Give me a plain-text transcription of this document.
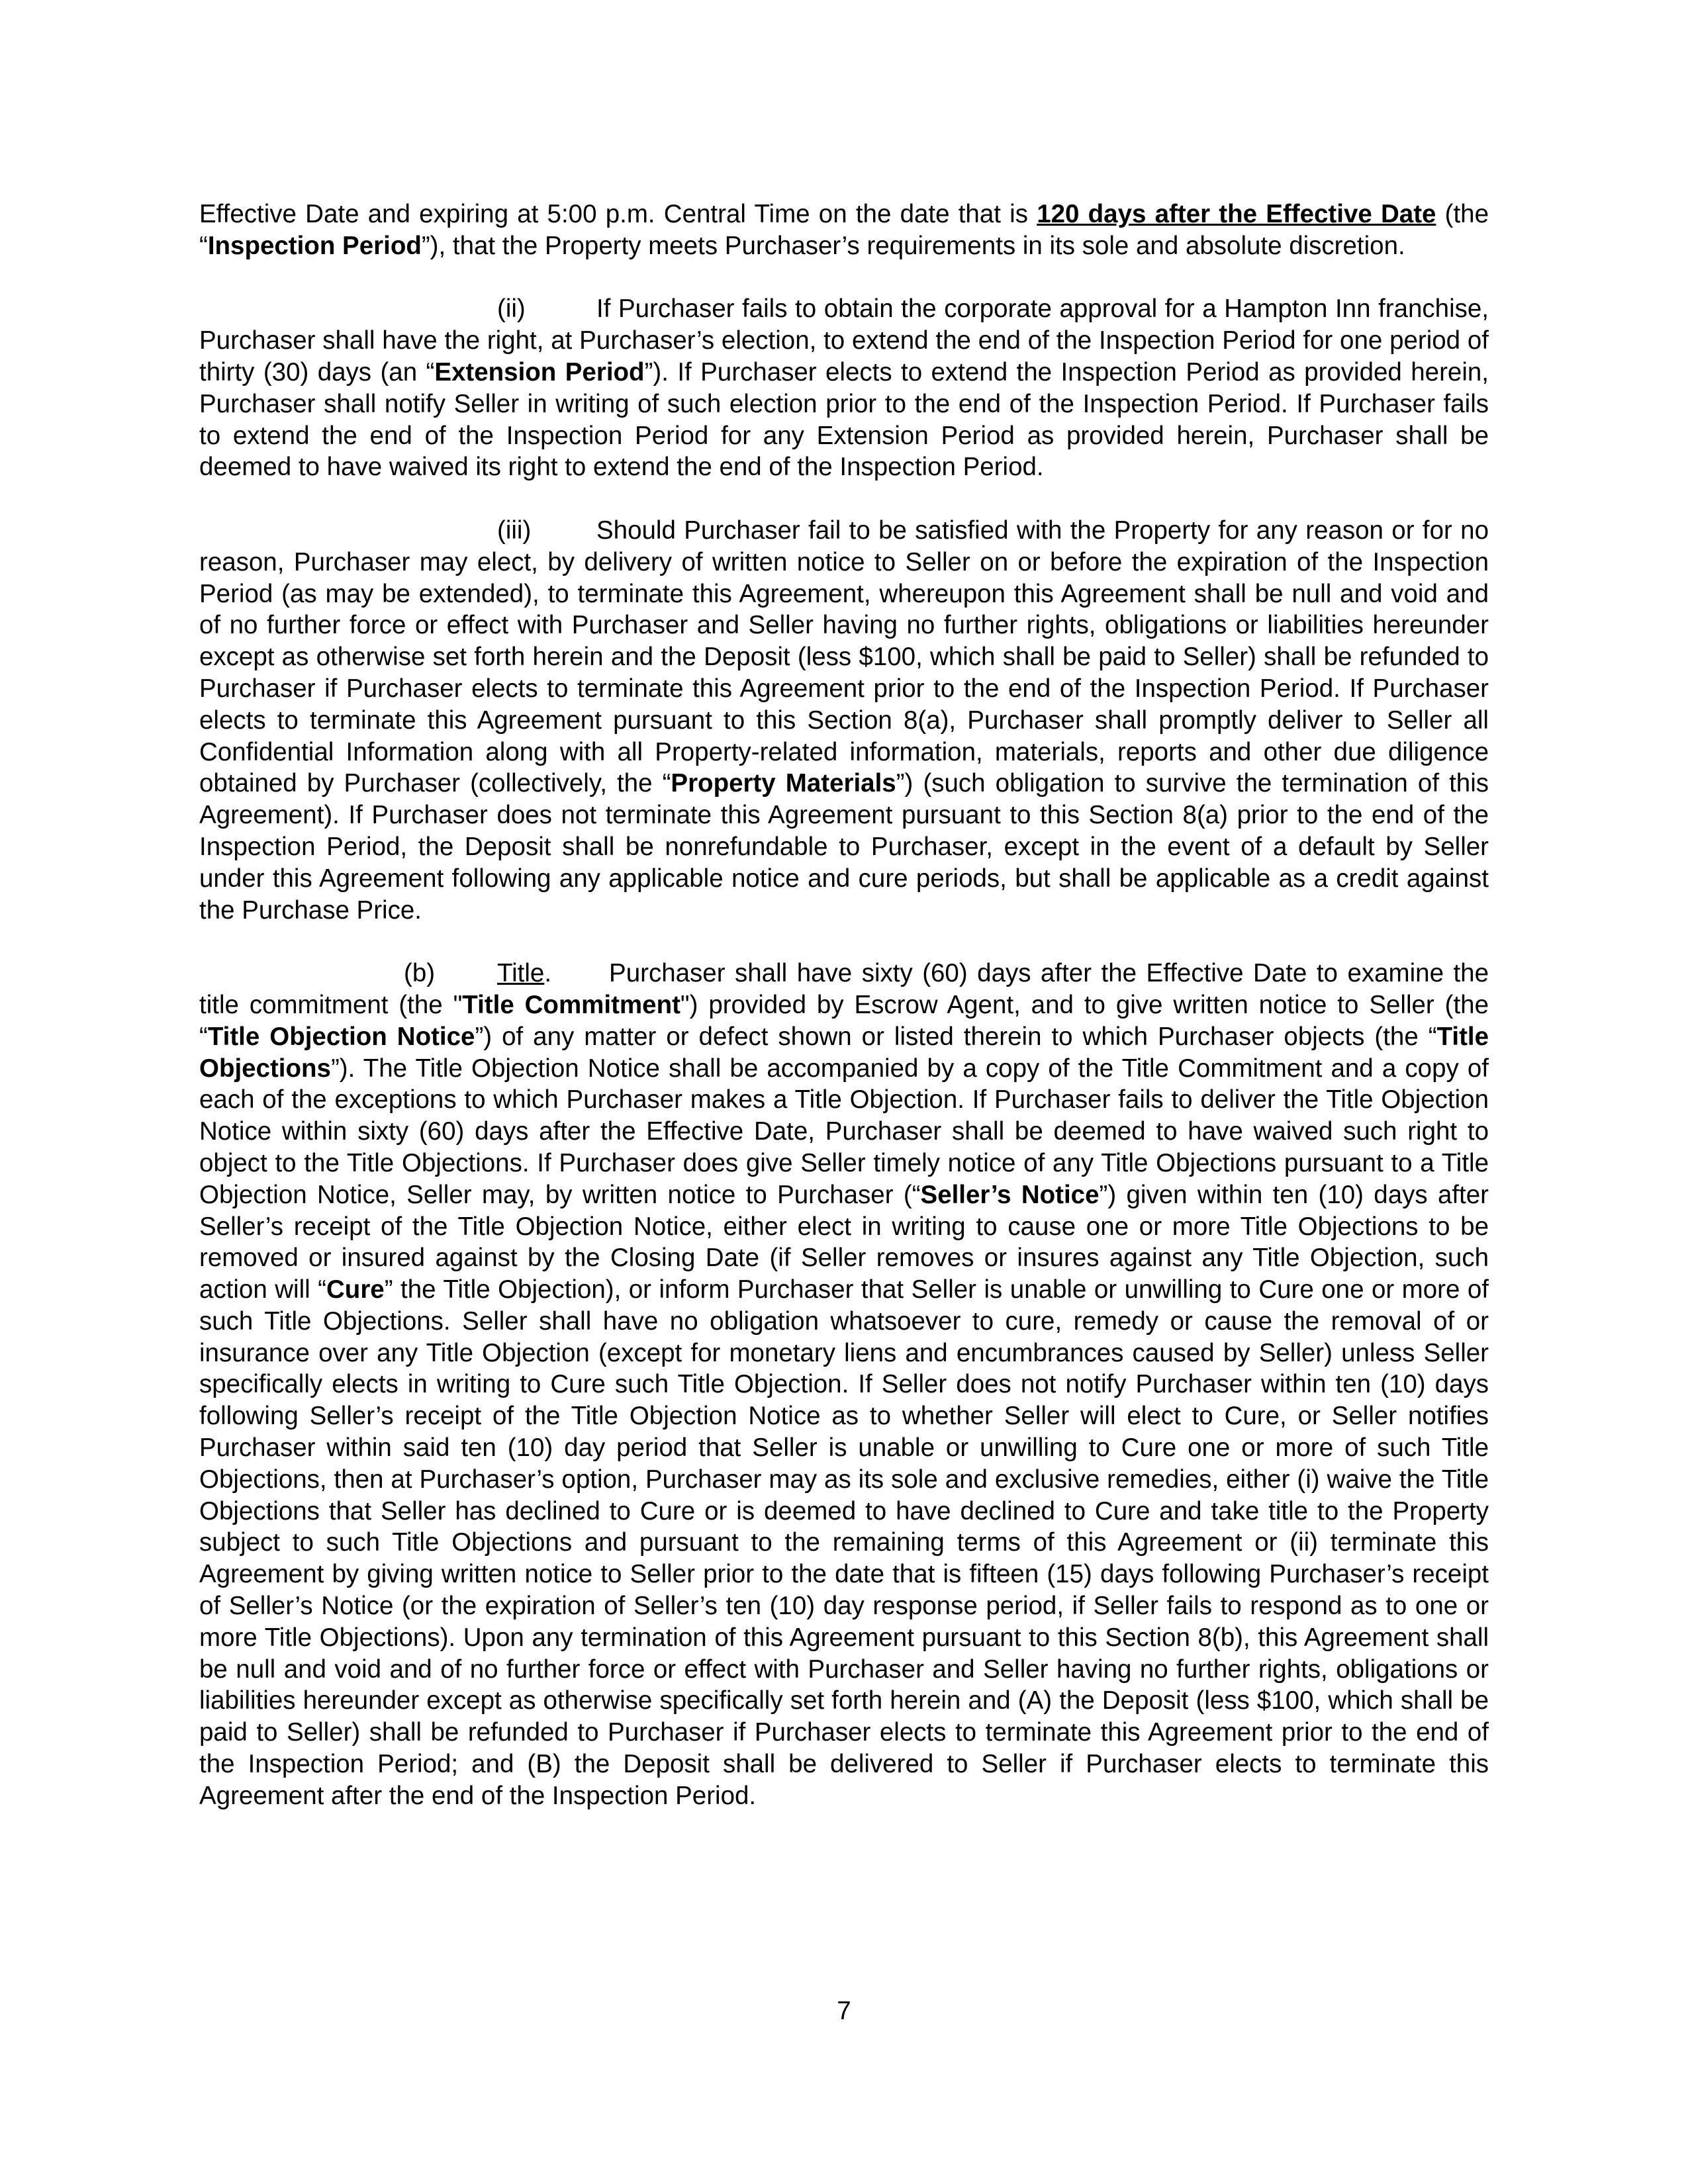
Effective Date and expiring at 5:00 p.m. Central Time on the date that is 120 days after the Effective Date (the “Inspection Period”), that the Property meets Purchaser’s requirements in its sole and absolute discretion.

(ii)	If Purchaser fails to obtain the corporate approval for a Hampton Inn franchise, Purchaser shall have the right, at Purchaser’s election, to extend the end of the Inspection Period for one period of thirty (30) days (an “Extension Period”). If Purchaser elects to extend the Inspection Period as provided herein, Purchaser shall notify Seller in writing of such election prior to the end of the Inspection Period. If Purchaser fails to extend the end of the Inspection Period for any Extension Period as provided herein, Purchaser shall be deemed to have waived its right to extend the end of the Inspection Period.

(iii)	Should Purchaser fail to be satisfied with the Property for any reason or for no reason, Purchaser may elect, by delivery of written notice to Seller on or before the expiration of the Inspection Period (as may be extended), to terminate this Agreement, whereupon this Agreement shall be null and void and of no further force or effect with Purchaser and Seller having no further rights, obligations or liabilities hereunder except as otherwise set forth herein and the Deposit (less $100, which shall be paid to Seller) shall be refunded to Purchaser if Purchaser elects to terminate this Agreement prior to the end of the Inspection Period. If Purchaser elects to terminate this Agreement pursuant to this Section 8(a), Purchaser shall promptly deliver to Seller all Confidential Information along with all Property-related information, materials, reports and other due diligence obtained by Purchaser (collectively, the “Property Materials”) (such obligation to survive the termination of this Agreement). If Purchaser does not terminate this Agreement pursuant to this Section 8(a) prior to the end of the Inspection Period, the Deposit shall be nonrefundable to Purchaser, except in the event of a default by Seller under this Agreement following any applicable notice and cure periods, but shall be applicable as a credit against the Purchase Price.

(b) Title. Purchaser shall have sixty (60) days after the Effective Date to examine the title commitment (the "Title Commitment") provided by Escrow Agent, and to give written notice to Seller (the “Title Objection Notice”) of any matter or defect shown or listed therein to which Purchaser objects (the “Title Objections”). The Title Objection Notice shall be accompanied by a copy of the Title Commitment and a copy of each of the exceptions to which Purchaser makes a Title Objection. If Purchaser fails to deliver the Title Objection Notice within sixty (60) days after the Effective Date, Purchaser shall be deemed to have waived such right to object to the Title Objections. If Purchaser does give Seller timely notice of any Title Objections pursuant to a Title Objection Notice, Seller may, by written notice to Purchaser (“Seller’s Notice”) given within ten (10) days after Seller’s receipt of the Title Objection Notice, either elect in writing to cause one or more Title Objections to be removed or insured against by the Closing Date (if Seller removes or insures against any Title Objection, such action will “Cure” the Title Objection), or inform Purchaser that Seller is unable or unwilling to Cure one or more of such Title Objections. Seller shall have no obligation whatsoever to cure, remedy or cause the removal of or insurance over any Title Objection (except for monetary liens and encumbrances caused by Seller) unless Seller specifically elects in writing to Cure such Title Objection. If Seller does not notify Purchaser within ten (10) days following Seller’s receipt of the Title Objection Notice as to whether Seller will elect to Cure, or Seller notifies Purchaser within said ten (10) day period that Seller is unable or unwilling to Cure one or more of such Title Objections, then at Purchaser’s option, Purchaser may as its sole and exclusive remedies, either (i) waive the Title Objections that Seller has declined to Cure or is deemed to have declined to Cure and take title to the Property subject to such Title Objections and pursuant to the remaining terms of this Agreement or (ii) terminate this Agreement by giving written notice to Seller prior to the date that is fifteen (15) days following Purchaser’s receipt of Seller’s Notice (or the expiration of Seller’s ten (10) day response period, if Seller fails to respond as to one or more Title Objections). Upon any termination of this Agreement pursuant to this Section 8(b), this Agreement shall be null and void and of no further force or effect with Purchaser and Seller having no further rights, obligations or liabilities hereunder except as otherwise specifically set forth herein and (A) the Deposit (less $100, which shall be paid to Seller) shall be refunded to Purchaser if Purchaser elects to terminate this Agreement prior to the end of the Inspection Period; and (B) the Deposit shall be delivered to Seller if Purchaser elects to terminate this Agreement after the end of the Inspection Period.

7
